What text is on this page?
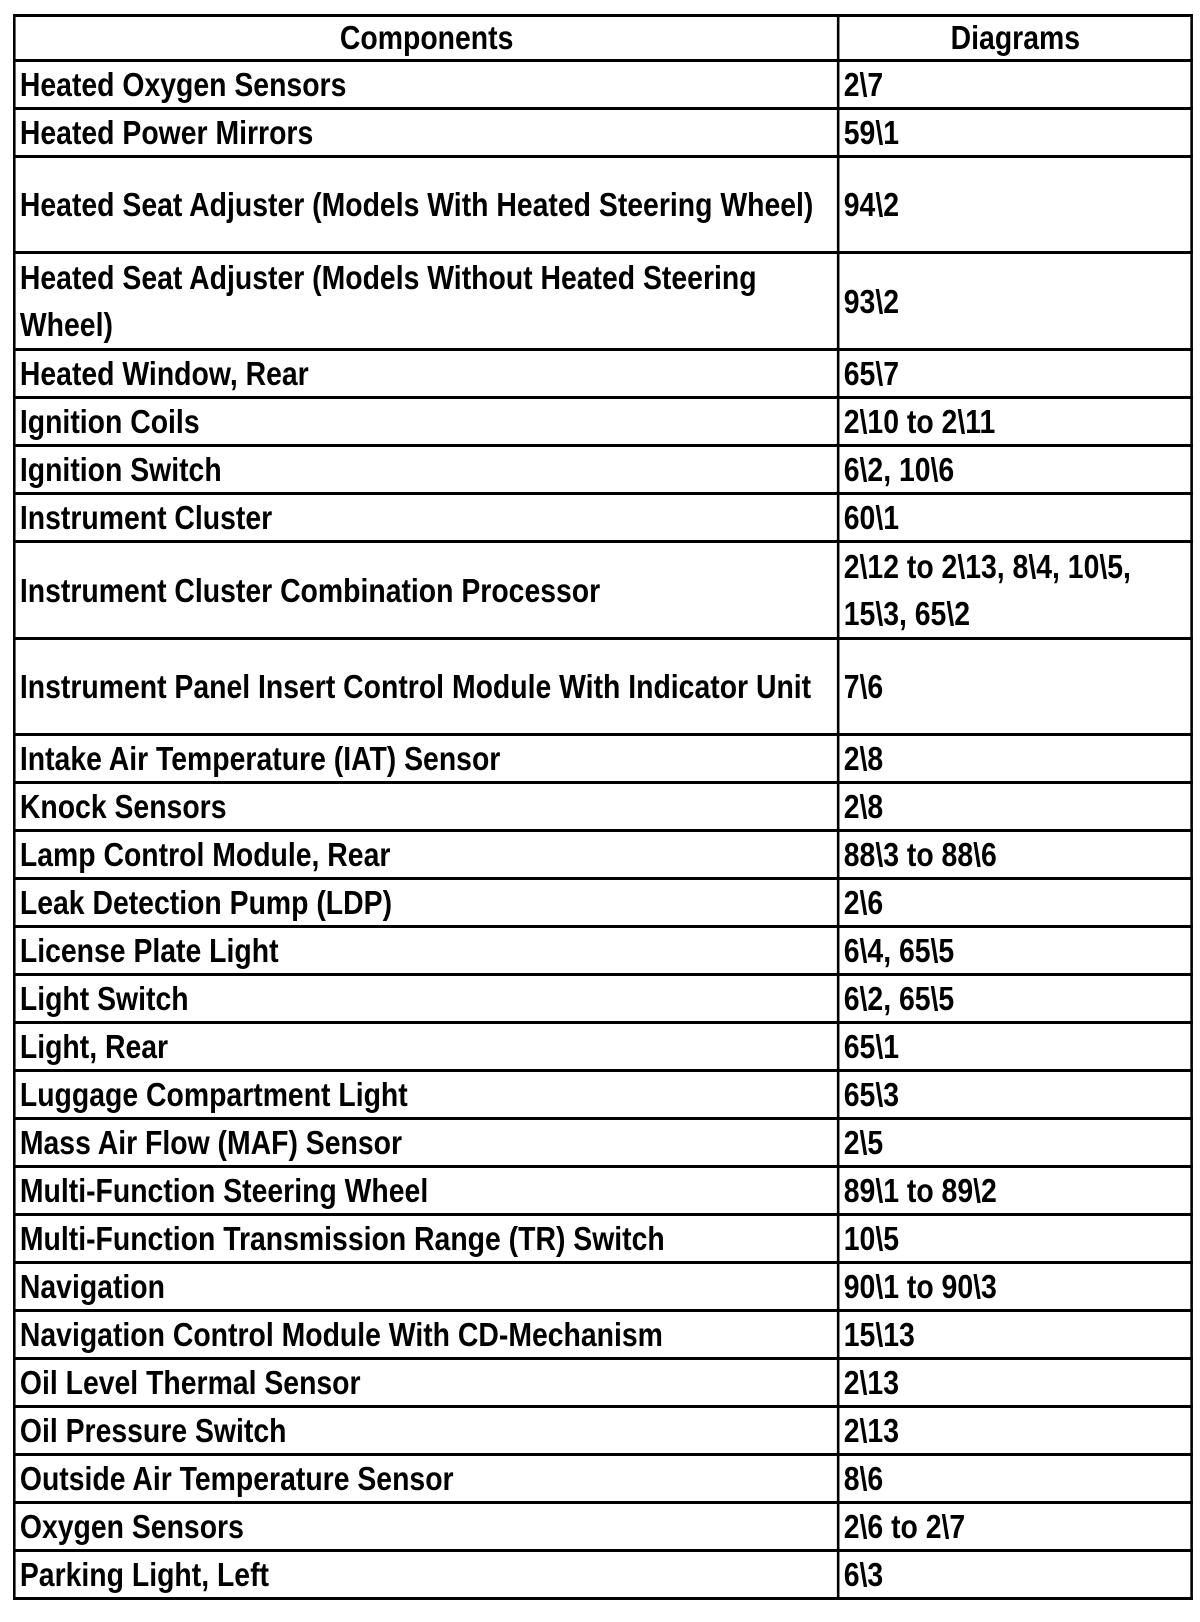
Components	Diagrams
Heated Oxygen Sensors	2\7
Heated Power Mirrors	59\1
Heated Seat Adjuster (Models With Heated Steering Wheel)	94\2
Heated Seat Adjuster (Models Without Heated Steering Wheel)	93\2
Heated Window, Rear	65\7
Ignition Coils	2\10 to 2\11
Ignition Switch	6\2, 10\6
Instrument Cluster	60\1
Instrument Cluster Combination Processor	2\12 to 2\13, 8\4, 10\5, 15\3, 65\2
Instrument Panel Insert Control Module With Indicator Unit	7\6
Intake Air Temperature (IAT) Sensor	2\8
Knock Sensors	2\8
Lamp Control Module, Rear	88\3 to 88\6
Leak Detection Pump (LDP)	2\6
License Plate Light	6\4, 65\5
Light Switch	6\2, 65\5
Light, Rear	65\1
Luggage Compartment Light	65\3
Mass Air Flow (MAF) Sensor	2\5
Multi-Function Steering Wheel	89\1 to 89\2
Multi-Function Transmission Range (TR) Switch	10\5
Navigation	90\1 to 90\3
Navigation Control Module With CD-Mechanism	15\13
Oil Level Thermal Sensor	2\13
Oil Pressure Switch	2\13
Outside Air Temperature Sensor	8\6
Oxygen Sensors	2\6 to 2\7
Parking Light, Left	6\3
